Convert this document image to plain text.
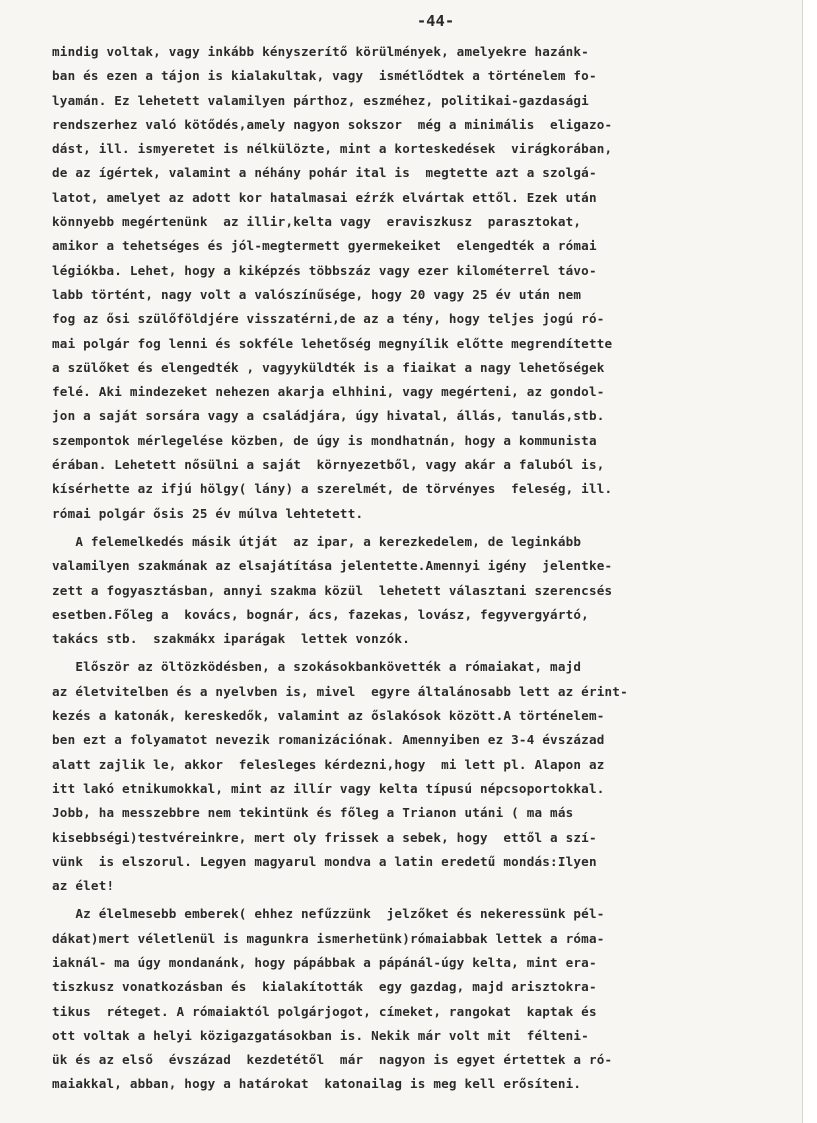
-44-
mindig voltak, vagy inkább kényszerítő körülmények, amelyekre hazánk-
ban és ezen a tájon is kialakultak, vagy  ismétlődtek a történelem fo-
lyamán. Ez lehetett valamilyen párthoz, eszméhez, politikai-gazdasági
rendszerhez való kötődés,amely nagyon sokszor  még a minimális  eligazo-
dást, ill. ismyeretet is nélkülözte, mint a korteskedések  virágkorában,
de az ígértek, valamint a néhány pohár ital is  megtette azt a szolgá-
latot, amelyet az adott kor hatalmasai eźrźk elvártak ettől. Ezek után
könnyebb megértenünk  az illir,kelta vagy  eraviszkusz  parasztokat,
amikor a tehetséges és jól-megtermett gyermekeiket  elengedték a római
légiókba. Lehet, hogy a kiképzés többszáz vagy ezer kilométerrel távo-
labb történt, nagy volt a valószínűsége, hogy 20 vagy 25 év után nem
fog az ősi szülőföldjére visszatérni,de az a tény, hogy teljes jogú ró-
mai polgár fog lenni és sokféle lehetőség megnyílik előtte megrendítette
a szülőket és elengedték , vagyyküldték is a fiaikat a nagy lehetőségek
felé. Aki mindezeket nehezen akarja elhhini, vagy megérteni, az gondol-
jon a saját sorsára vagy a családjára, úgy hivatal, állás, tanulás,stb.
szempontok mérlegelése közben, de úgy is mondhatnán, hogy a kommunista
érában. Lehetett nősülni a saját  környezetből, vagy akár a faluból is,
kísérhette az ifjú hölgy( lány) a szerelmét, de törvényes  feleség, ill.
római polgár ősis 25 év múlva lehtetett.
A felemelkedés másik útját  az ipar, a kerezkedelem, de leginkább
valamilyen szakmának az elsajátítása jelentette.Amennyi igény  jelentke-
zett a fogyasztásban, annyi szakma közül  lehetett választani szerencsés
esetben.Főleg a  kovács, bognár, ács, fazekas, lovász, fegyvergyártó,
takács stb.  szakmákx iparágak  lettek vonzók.
Először az öltözködésben, a szokásokbankövették a rómaiakat, majd
az életvitelben és a nyelvben is, mivel  egyre általánosabb lett az érint-
kezés a katonák, kereskedők, valamint az őslakósok között.A történelem-
ben ezt a folyamatot nevezik romanizációnak. Amennyiben ez 3-4 évszázad
alatt zajlik le, akkor  felesleges kérdezni,hogy  mi lett pl. Alapon az
itt lakó etnikumokkal, mint az illír vagy kelta típusú népcsoportokkal.
Jobb, ha messzebbre nem tekintünk és főleg a Trianon utáni ( ma más
kisebbségi)testvéreinkre, mert oly frissek a sebek, hogy  ettől a szí-
vünk  is elszorul. Legyen magyarul mondva a latin eredetű mondás:Ilyen
az élet!
Az élelmesebb emberek( ehhez nefűzzünk  jelzőket és nekeressünk pél-
dákat)mert véletlenül is magunkra ismerhetünk)rómaiabbak lettek a róma-
iaknál- ma úgy mondanánk, hogy pápábbak a pápánál-úgy kelta, mint era-
tiszkusz vonatkozásban és  kialakították  egy gazdag, majd arisztokra-
tikus  réteget. A rómaiaktól polgárjogot, címeket, rangokat  kaptak és
ott voltak a helyi közigazgatásokban is. Nekik már volt mit  félteni-
ük és az első  évszázad  kezdetétől  már  nagyon is egyet értettek a ró-
maiakkal, abban, hogy a határokat  katonailag is meg kell erősíteni.
